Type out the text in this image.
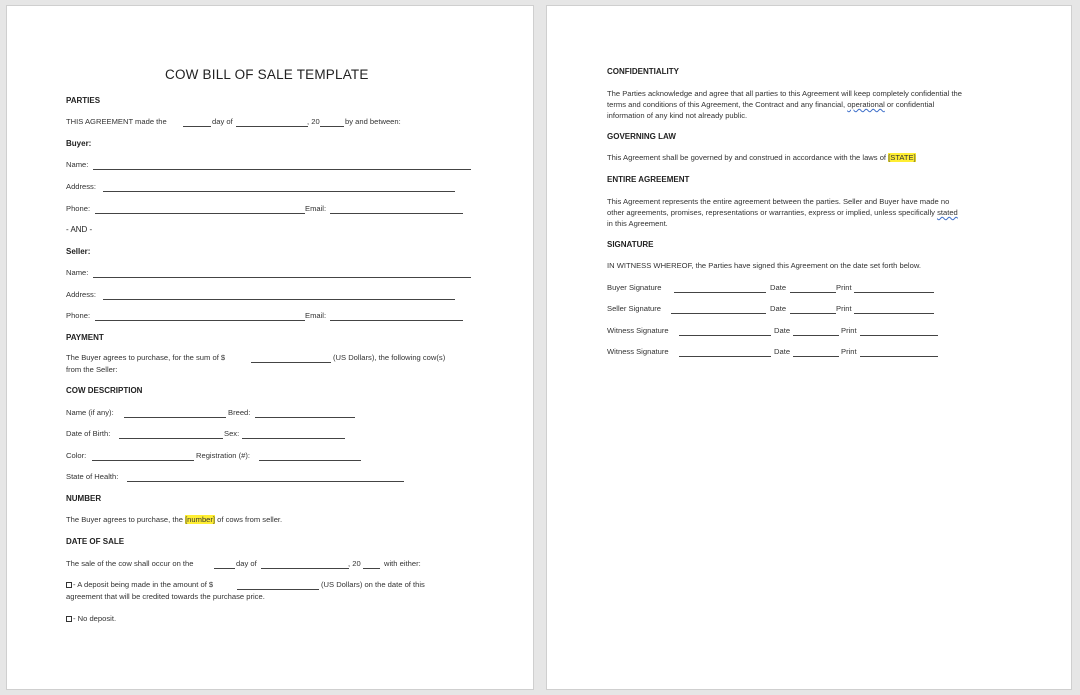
COW BILL OF SALE TEMPLATE
PARTIES
THIS AGREEMENT made the	day of	, 20	by and between:
Buyer:
Name:
Address:
Phone:	Email:
- AND -
Seller:
Name:
Address:
Phone:	Email:
PAYMENT
The Buyer agrees to purchase, for the sum of $	(US Dollars), the following cow(s)
from the Seller:
COW DESCRIPTION
Name (if any):	Breed:
Date of Birth:	Sex:
Color:	Registration (#):
State of Health:
NUMBER
The Buyer agrees to purchase, the [number] of cows from seller.
DATE OF SALE
The sale of the cow shall occur on the	day of	, 20	with either:
- A deposit being made in the amount of $	(US Dollars) on the date of this
agreement that will be credited towards the purchase price.
- No deposit.
CONFIDENTIALITY
The Parties acknowledge and agree that all parties to this Agreement will keep completely confidential the
terms and conditions of this Agreement, the Contract and any financial, operational or confidential
information of any kind not already public.
GOVERNING LAW
This Agreement shall be governed by and construed in accordance with the laws of [STATE]
ENTIRE AGREEMENT
This Agreement represents the entire agreement between the parties. Seller and Buyer have made no
other agreements, promises, representations or warranties, express or implied, unless specifically stated
in this Agreement.
SIGNATURE
IN WITNESS WHEREOF, the Parties have signed this Agreement on the date set forth below.
Buyer Signature	Date	Print
Seller Signature	Date	Print
Witness Signature	Date	Print
Witness Signature	Date	Print
